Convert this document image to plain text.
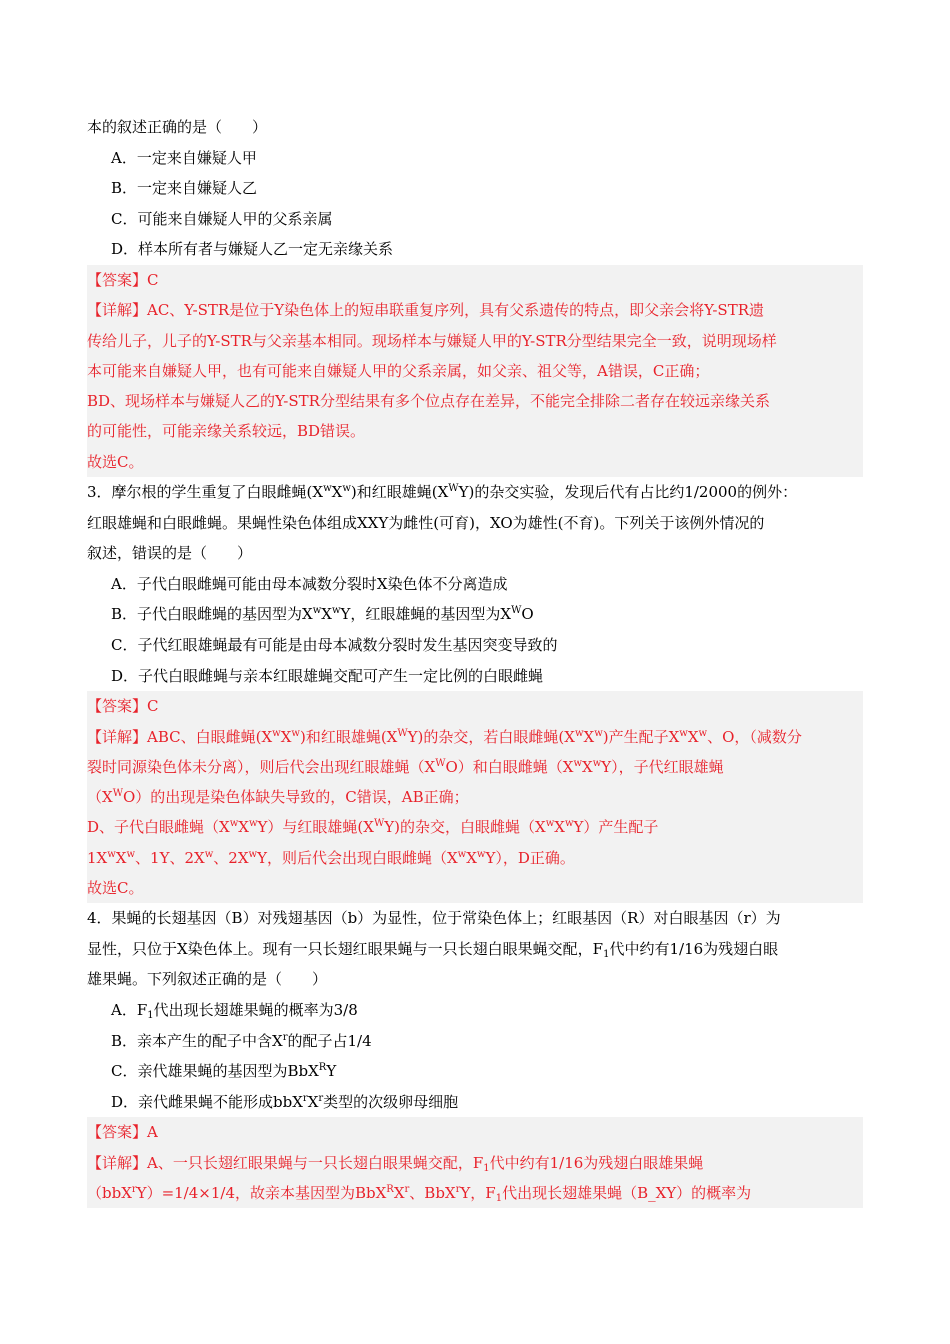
本的叙述正确的是（　　）
A．一定来自嫌疑人甲
B．一定来自嫌疑人乙
C．可能来自嫌疑人甲的父系亲属
D．样本所有者与嫌疑人乙一定无亲缘关系
【答案】C
【详解】AC、Y-STR是位于Y染色体上的短串联重复序列，具有父系遗传的特点，即父亲会将Y-STR遗
传给儿子，儿子的Y-STR与父亲基本相同。现场样本与嫌疑人甲的Y-STR分型结果完全一致，说明现场样
本可能来自嫌疑人甲，也有可能来自嫌疑人甲的父系亲属，如父亲、祖父等，A错误，C正确；
BD、现场样本与嫌疑人乙的Y-STR分型结果有多个位点存在差异，不能完全排除二者存在较远亲缘关系
的可能性，可能亲缘关系较远，BD错误。
故选C。
3．摩尔根的学生重复了白眼雌蝇$(X^wX^w)$和红眼雄蝇$(X^WY)$的杂交实验，发现后代有占比约1/2000的例外：
红眼雄蝇和白眼雌蝇。果蝇性染色体组成XXY为雌性(可育)，XO为雄性(不育)。下列关于该例外情况的
叙述，错误的是（　　）
A．子代白眼雌蝇可能由母本减数分裂时X染色体不分离造成
B．子代白眼雌蝇的基因型为$X^wX^wY$，红眼雄蝇的基因型为$X^WO$
C．子代红眼雄蝇最有可能是由母本减数分裂时发生基因突变导致的
D．子代白眼雌蝇与亲本红眼雄蝇交配可产生一定比例的白眼雌蝇
【答案】C
【详解】ABC、白眼雌蝇$(X^wX^w)$和红眼雄蝇$(X^WY)$的杂交，若白眼雌蝇$(X^wX^w)$产生配子$X^wX^w$、O，（减数分
裂时同源染色体未分离），则后代会出现红眼雄蝇$(X^WO)$和白眼雌蝇$(X^wX^wY)$，子代红眼雄蝇
$(X^WO)$的出现是染色体缺失导致的，C错误，AB正确；
D、子代白眼雌蝇$(X^wX^wY)$与红眼雄蝇$(X^WY)$的杂交，白眼雌蝇$(X^wX^wY)$产生配子
$1X^wX^w$、1Y、$2X^w$、$2X^wY$，则后代会出现白眼雌蝇$(X^wX^wY)$，D正确。
故选C。
4．果蝇的长翅基因（B）对残翅基因（b）为显性，位于常染色体上；红眼基因（R）对白眼基因（r）为
显性，只位于X染色体上。现有一只长翅红眼果蝇与一只长翅白眼果蝇交配，$F_1$代中约有1/16为残翅白眼
雄果蝇。下列叙述正确的是（　　）
A．$F_1$代出现长翅雄果蝇的概率为3/8
B．亲本产生的配子中含$X^r$的配子占1/4
C．亲代雄果蝇的基因型为BbX$^R$Y
D．亲代雌果蝇不能形成$bbX^rX^r$类型的次级卵母细胞
【答案】A
【详解】A、一只长翅红眼果蝇与一只长翅白眼果蝇交配，$F_1$代中约有1/16为残翅白眼雄果蝇
（bbX$^r$Y）=1/4×1/4，故亲本基因型为$BbX^RX^r$、BbX$^r$Y，$F_1$代出现长翅雄果蝇（B_XY）的概率为
